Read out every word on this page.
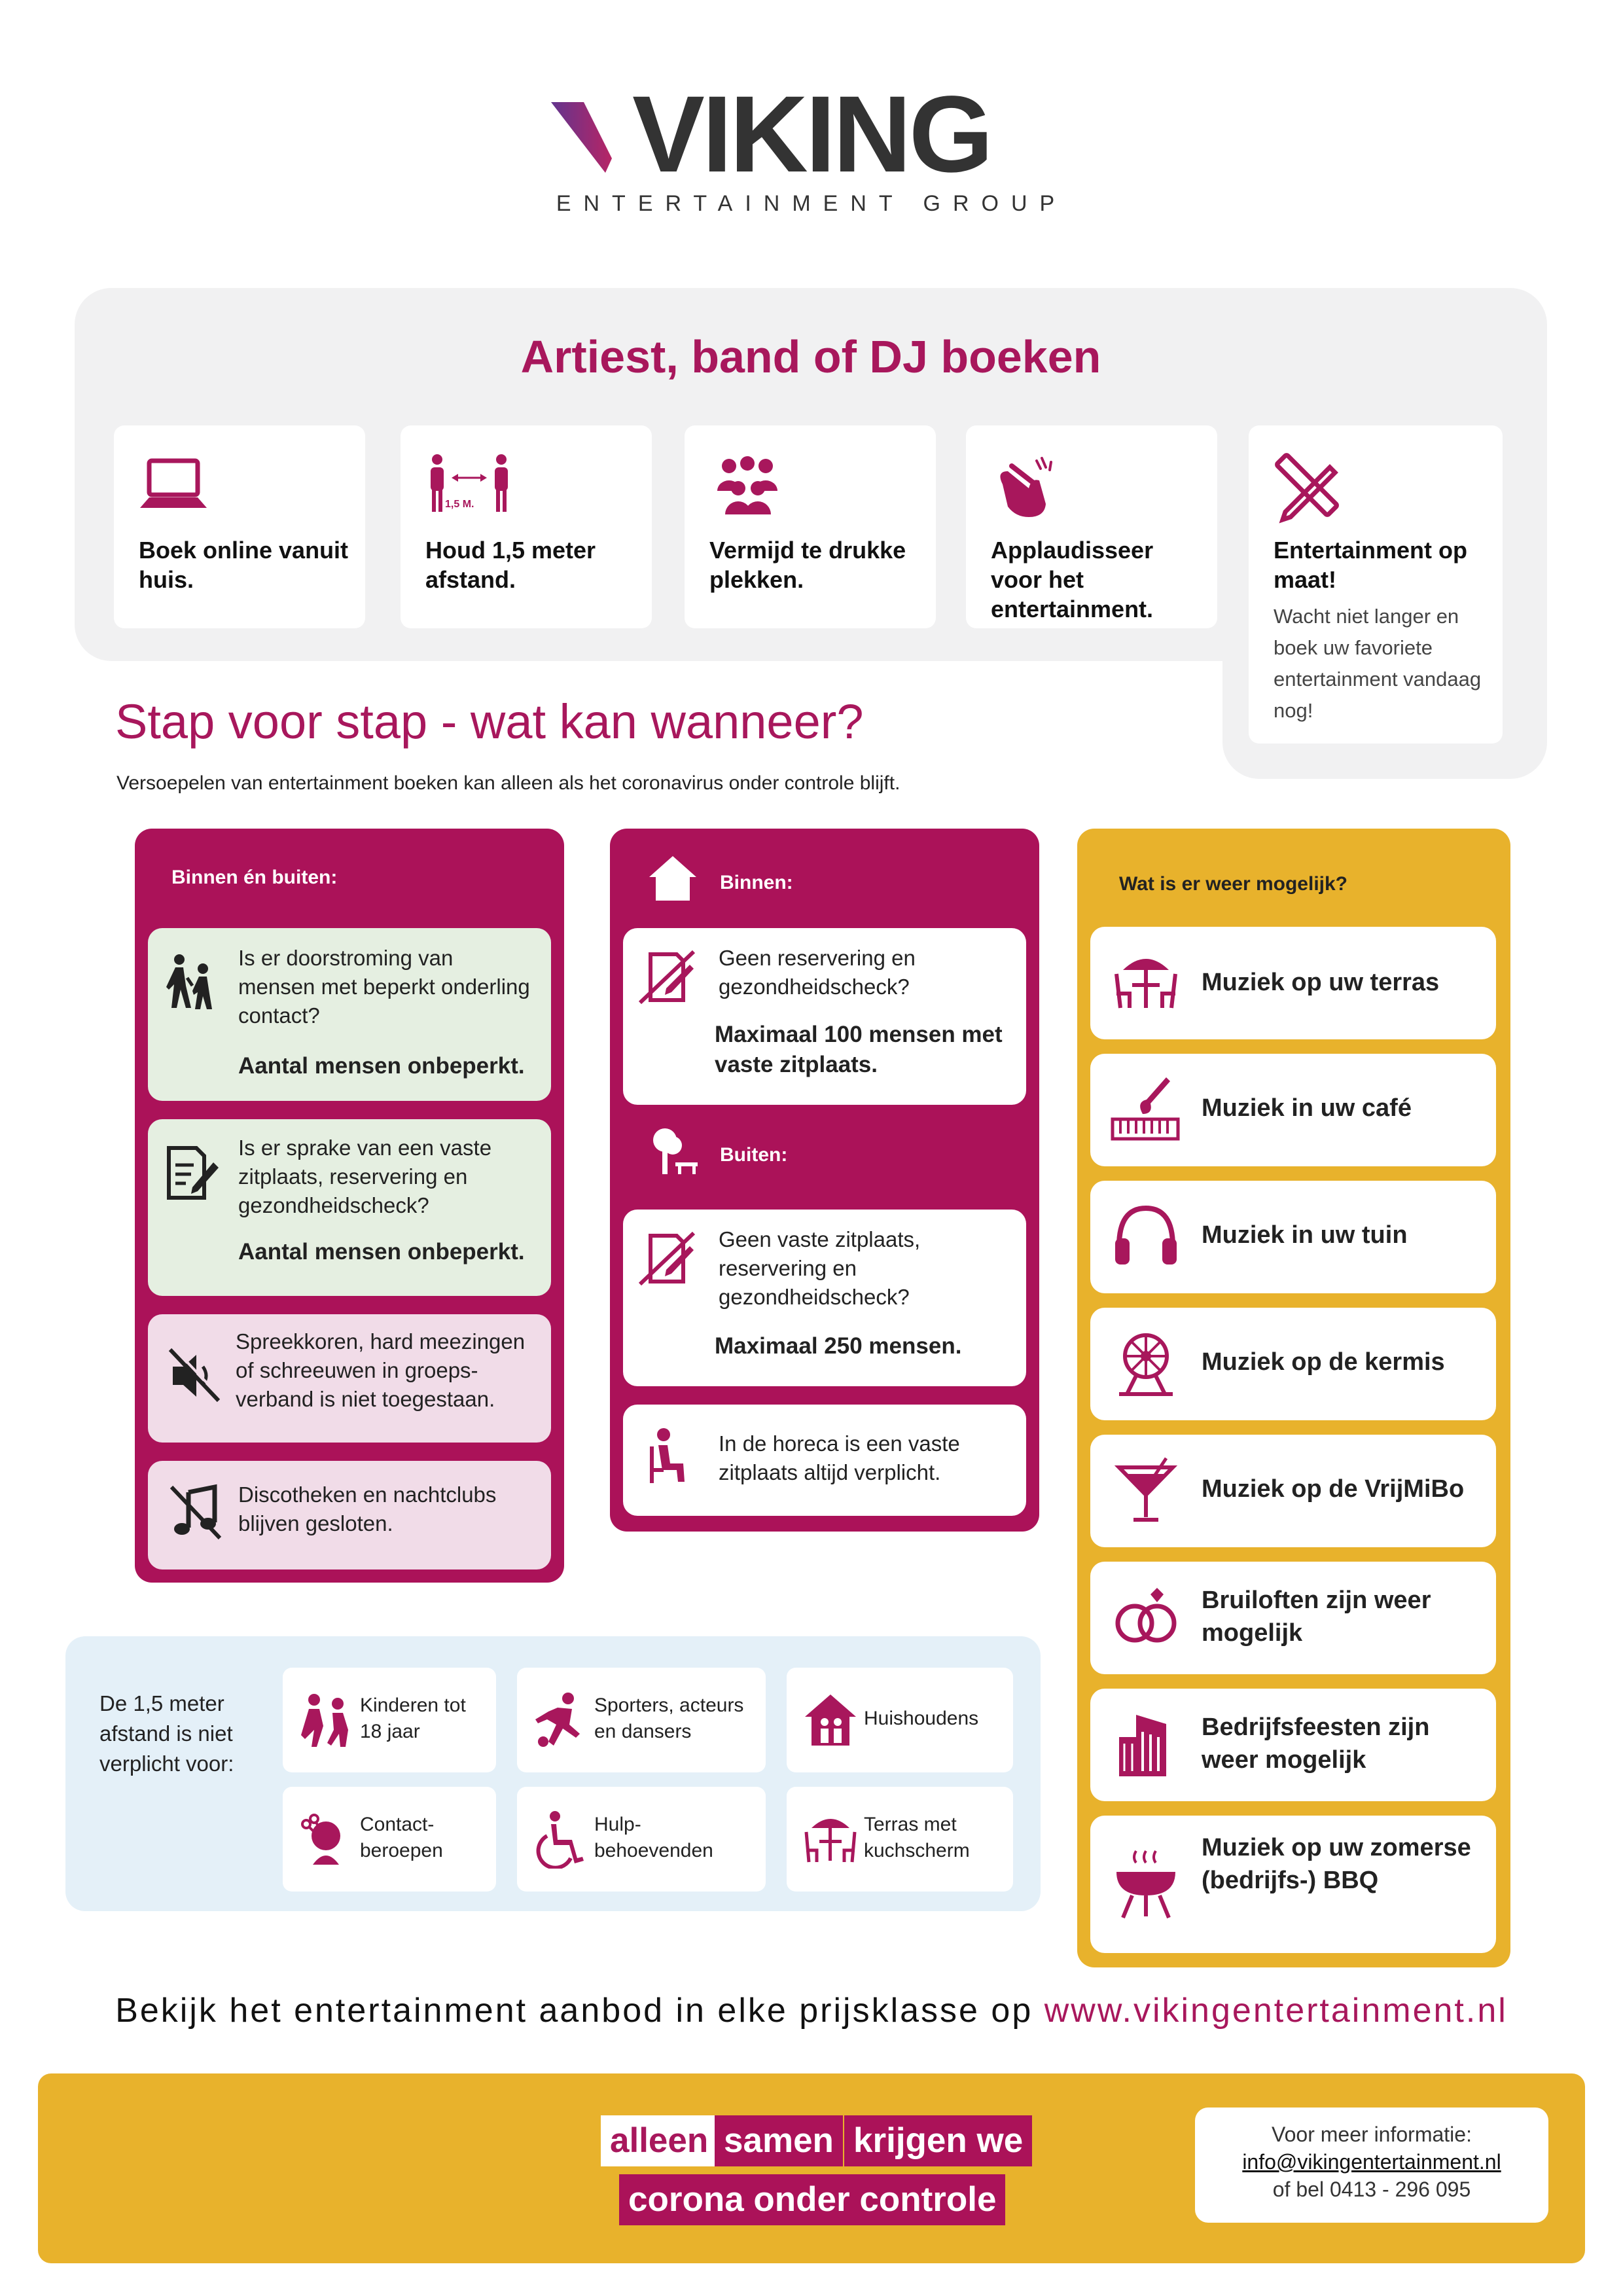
VIKING
ENTERTAINMENT GROUP
Artiest, band of DJ boeken
Boek online vanuit huis.
1,5 M.
Houd 1,5 meter afstand.
Vermijd te drukke plekken.
Applaudisseer voor het entertainment.
Entertainment op maat!
Wacht niet langer en boek uw favoriete entertainment vandaag nog!
Stap voor stap - wat kan wanneer?
Versoepelen van entertainment boeken kan alleen als het coronavirus onder controle blijft.
Binnen én buiten:
Is er doorstroming van mensen met beperkt onderling contact?
Aantal mensen onbeperkt.
Is er sprake van een vaste zitplaats, reservering en gezondheidscheck?
Aantal mensen onbeperkt.
Spreekkoren, hard meezingen of schreeuwen in groeps-verband is niet toegestaan.
Discotheken en nachtclubs blijven gesloten.
Binnen:
Geen reservering en gezondheidscheck?
Maximaal 100 mensen met vaste zitplaats.
Buiten:
Geen vaste zitplaats, reservering en gezondheidscheck?
Maximaal 250 mensen.
In de horeca is een vaste zitplaats altijd verplicht.
Wat is er weer mogelijk?
Muziek op uw terras
Muziek in uw café
Muziek in uw tuin
Muziek op de kermis
Muziek op de VrijMiBo
Bruiloften zijn weer mogelijk
Bedrijfsfeesten zijn weer mogelijk
Muziek op uw zomerse (bedrijfs-) BBQ
De 1,5 meter afstand is niet verplicht voor:
Kinderen tot 18 jaar
Sporters, acteurs en dansers
Huishoudens
Contact-beroepen
Hulp-behoevenden
Terras met kuchscherm
Bekijk het entertainment aanbod in elke prijsklasse op www.vikingentertainment.nl
alleen samen krijgen we
corona onder controle
Voor meer informatie:
info@vikingentertainment.nl
of bel 0413 - 296 095
